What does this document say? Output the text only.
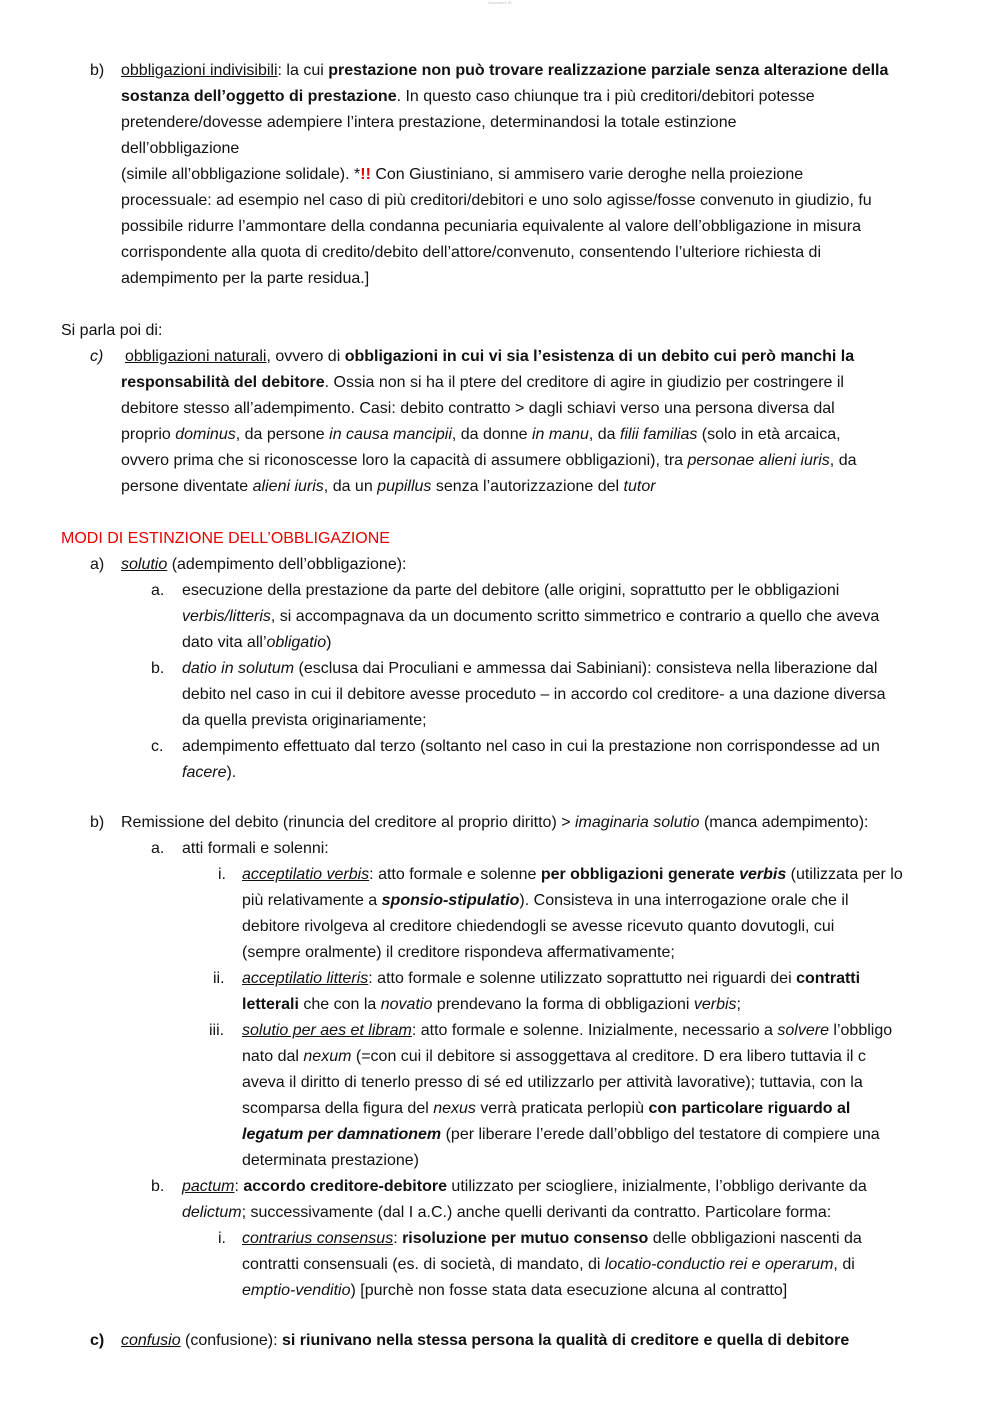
Document ID
b) obbligazioni indivisibili: la cui prestazione non può trovare realizzazione parziale senza alterazione della
sostanza dell’oggetto di prestazione. In questo caso chiunque tra i più creditori/debitori potesse
pretendere/dovesse adempiere l’intera prestazione, determinandosi la totale estinzione
dell’obbligazione
(simile all’obbligazione solidale). *!! Con Giustiniano, si ammisero varie deroghe nella proiezione
processuale: ad esempio nel caso di più creditori/debitori e uno solo agisse/fosse convenuto in giudizio, fu
possibile ridurre l’ammontare della condanna pecuniaria equivalente al valore dell’obbligazione in misura
corrispondente alla quota di credito/debito dell’attore/convenuto, consentendo l’ulteriore richiesta di
adempimento per la parte residua.]
Si parla poi di:
c) obbligazioni naturali, ovvero di obbligazioni in cui vi sia l’esistenza di un debito cui però manchi la
responsabilità del debitore. Ossia non si ha il ptere del creditore di agire in giudizio per costringere il
debitore stesso all’adempimento. Casi: debito contratto > dagli schiavi verso una persona diversa dal
proprio dominus, da persone in causa mancipii, da donne in manu, da filii familias (solo in età arcaica,
ovvero prima che si riconoscesse loro la capacità di assumere obbligazioni), tra personae alieni iuris, da
persone diventate alieni iuris, da un pupillus senza l’autorizzazione del tutor
MODI DI ESTINZIONE DELL’OBBLIGAZIONE
a) solutio (adempimento dell’obbligazione):
a. esecuzione della prestazione da parte del debitore (alle origini, soprattutto per le obbligazioni
verbis/litteris, si accompagnava da un documento scritto simmetrico e contrario a quello che aveva
dato vita all’obligatio)
b. datio in solutum (esclusa dai Proculiani e ammessa dai Sabiniani): consisteva nella liberazione dal
debito nel caso in cui il debitore avesse proceduto – in accordo col creditore- a una dazione diversa
da quella prevista originariamente;
c. adempimento effettuato dal terzo (soltanto nel caso in cui la prestazione non corrispondesse ad un
facere).
b) Remissione del debito (rinuncia del creditore al proprio diritto) > imaginaria solutio (manca adempimento):
a. atti formali e solenni:
i. acceptilatio verbis: atto formale e solenne per obbligazioni generate verbis (utilizzata per lo
più relativamente a sponsio-stipulatio). Consisteva in una interrogazione orale che il
debitore rivolgeva al creditore chiedendogli se avesse ricevuto quanto dovutogli, cui
(sempre oralmente) il creditore rispondeva affermativamente;
ii. acceptilatio litteris: atto formale e solenne utilizzato soprattutto nei riguardi dei contratti
letterali che con la novatio prendevano la forma di obbligazioni verbis;
iii. solutio per aes et libram: atto formale e solenne. Inizialmente, necessario a solvere l’obbligo
nato dal nexum (=con cui il debitore si assoggettava al creditore. D era libero tuttavia il c
aveva il diritto di tenerlo presso di sé ed utilizzarlo per attività lavorative); tuttavia, con la
scomparsa della figura del nexus verrà praticata perlopiù con particolare riguardo al
legatum per damnationem (per liberare l’erede dall’obbligo del testatore di compiere una
determinata prestazione)
b. pactum: accordo creditore-debitore utilizzato per sciogliere, inizialmente, l’obbligo derivante da
delictum; successivamente (dal I a.C.) anche quelli derivanti da contratto. Particolare forma:
i. contrarius consensus: risoluzione per mutuo consenso delle obbligazioni nascenti da
contratti consensuali (es. di società, di mandato, di locatio-conductio rei e operarum, di
emptio-venditio) [purchè non fosse stata data esecuzione alcuna al contratto]
c) confusio (confusione): si riunivano nella stessa persona la qualità di creditore e quella di debitore
